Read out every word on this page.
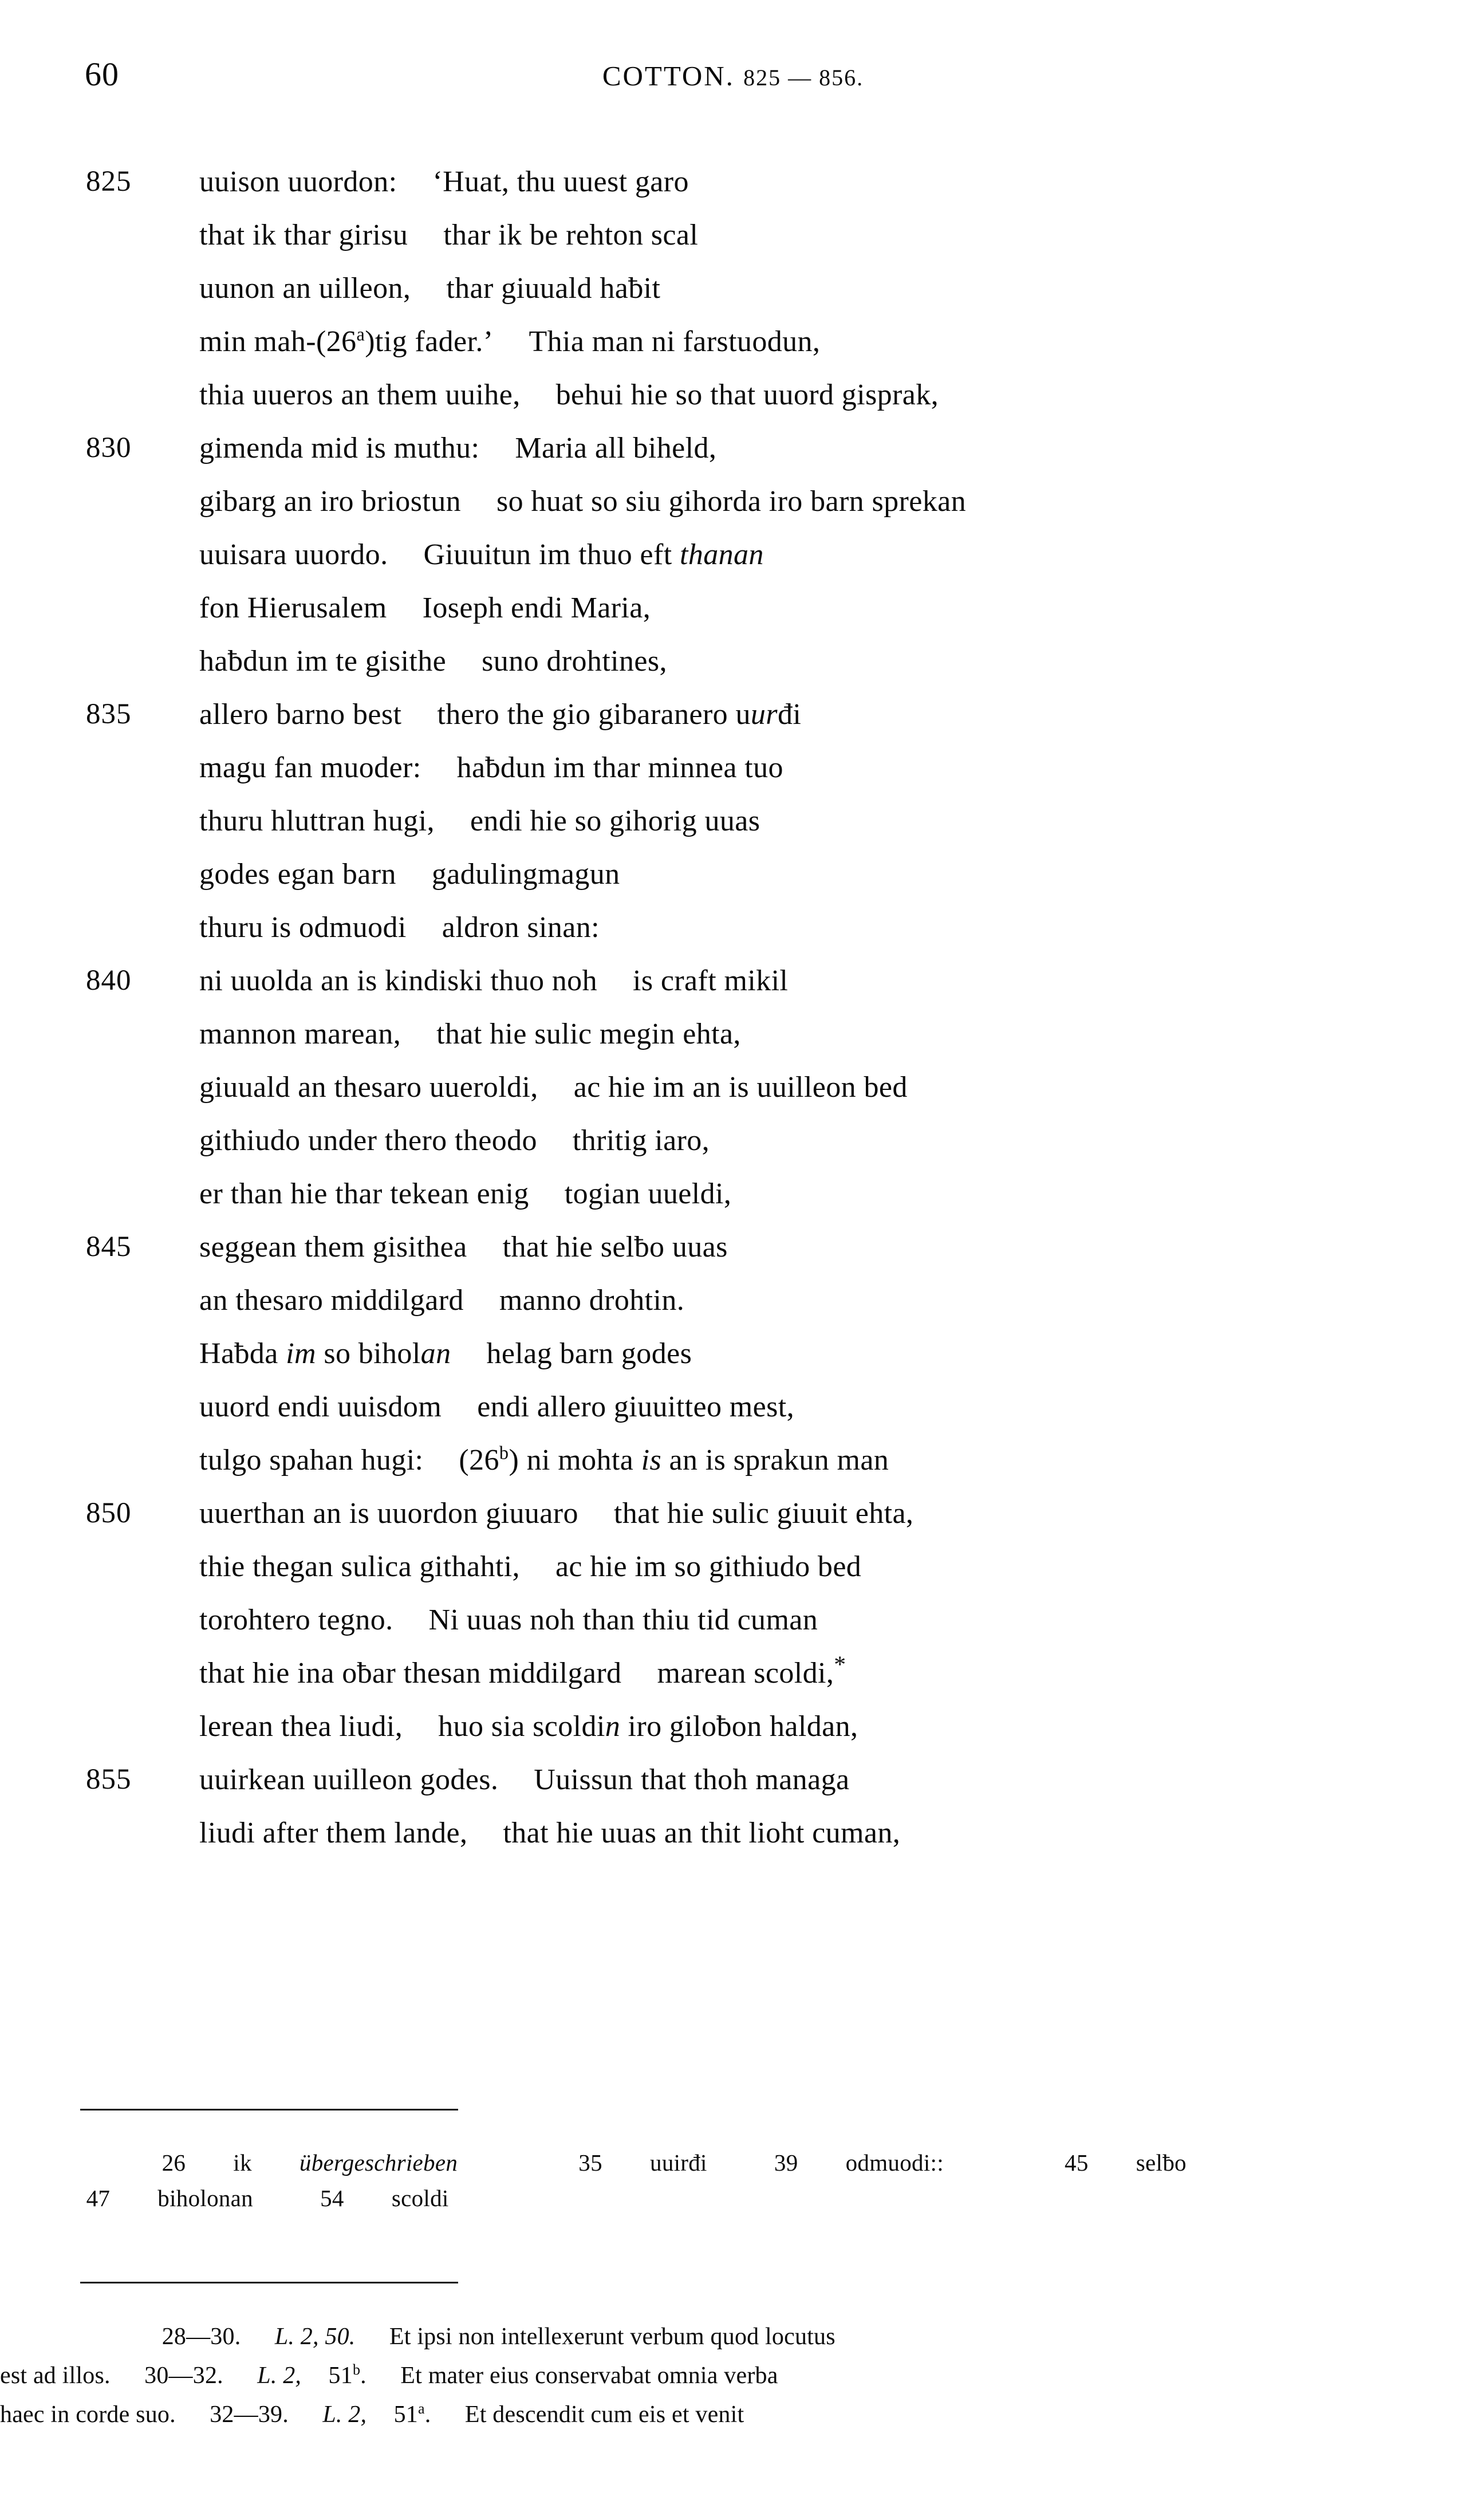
60	COTTON. 825 — 856.
825	uuison uuordon: ‘Huat, thu uuest garo
that ik thar girisu thar ik be rehton scal
uunon an uilleon, thar giuuald haƀit
min mah-(26$^a$)tig fader.’ Thia man ni farstuodun,
thia uueros an them uuihe, behui hie so that uuord gisprak,
830	gimenda mid is muthu: Maria all biheld,
gibarg an iro briostun so huat so siu gihorda iro barn sprekan
uuisara uuordo. Giuuitun im thuo eft thanan
fon Hierusalem Ioseph endi Maria,
haƀdun im te gisithe suno drohtines,
835	allero barno best thero the gio gibaranero uurđi
magu fan muoder: haƀdun im thar minnea tuo
thuru hluttran hugi, endi hie so gihorig uuas
godes egan barn gadulingmagun
thuru is odmuodi aldron sinan:
840	ni uuolda an is kindiski thuo noh is craft mikil
mannon marean, that hie sulic megin ehta,
giuuald an thesaro uueroldi, ac hie im an is uuilleon bed
githiudo under thero theodo thritig iaro,
er than hie thar tekean enig togian uueldi,
845	seggean them gisithea that hie selƀo uuas
an thesaro middilgard manno drohtin.
Haƀda im so biholan helag barn godes
uuord endi uuisdom endi allero giuuitteo mest,
tulgo spahan hugi: (26$^b$) ni mohta is an is sprakun man
850	uuerthan an is uuordon giuuaro that hie sulic giuuit ehta,
thie thegan sulica githahti, ac hie im so githiudo bed
torohtero tegno. Ni uuas noh than thiu tid cuman
that hie ina oƀar thesan middilgard marean scoldi,*
lerean thea liudi, huo sia scoldin iro giloƀon haldan,
855	uuirkean uuilleon godes. Uuissun that thoh managa
liudi after them lande, that hie uuas an thit lioht cuman,
26 ik übergeschrieben	35 uuirđi	39 odmuodi::	45 selƀo
47 biholonan	54 scoldi
28—30. L. 2, 50. Et ipsi non intellexerunt verbum quod locutus
est ad illos. 30—32. L. 2, 51$^b$. Et mater eius conservabat omnia verba
haec in corde suo. 32—39. L. 2, 51$^a$. Et descendit cum eis et venit
